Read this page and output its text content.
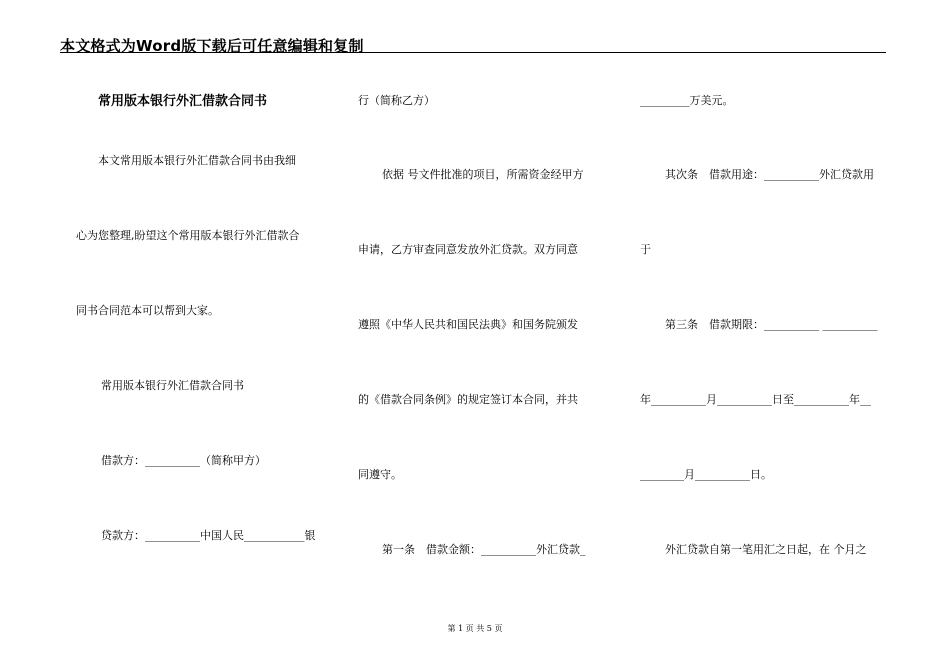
本文格式为Word版下载后可任意编辑和复制
常用版本银行外汇借款合同书
本文常用版本银行外汇借款合同书由我细
心为您整理,盼望这个常用版本银行外汇借款合
同书合同范本可以帮到大家。
常用版本银行外汇借款合同书
借款方：__________（简称甲方）
贷款方：__________中国人民___________银
行（简称乙方）
依据 号文件批准的项目，所需资金经甲方
申请，乙方审查同意发放外汇贷款。双方同意
遵照《中华人民共和国民法典》和国务院颁发
的《借款合同条例》的规定签订本合同，并共
同遵守。
第一条　借款金额：__________外汇贷款_
_________万美元。
其次条　借款用途：__________外汇贷款用
于
第三条　借款期限：__________ __________
年__________月__________日至__________年__
________月__________日。
外汇贷款自第一笔用汇之日起，在 个月之
第 1 页 共 5 页
